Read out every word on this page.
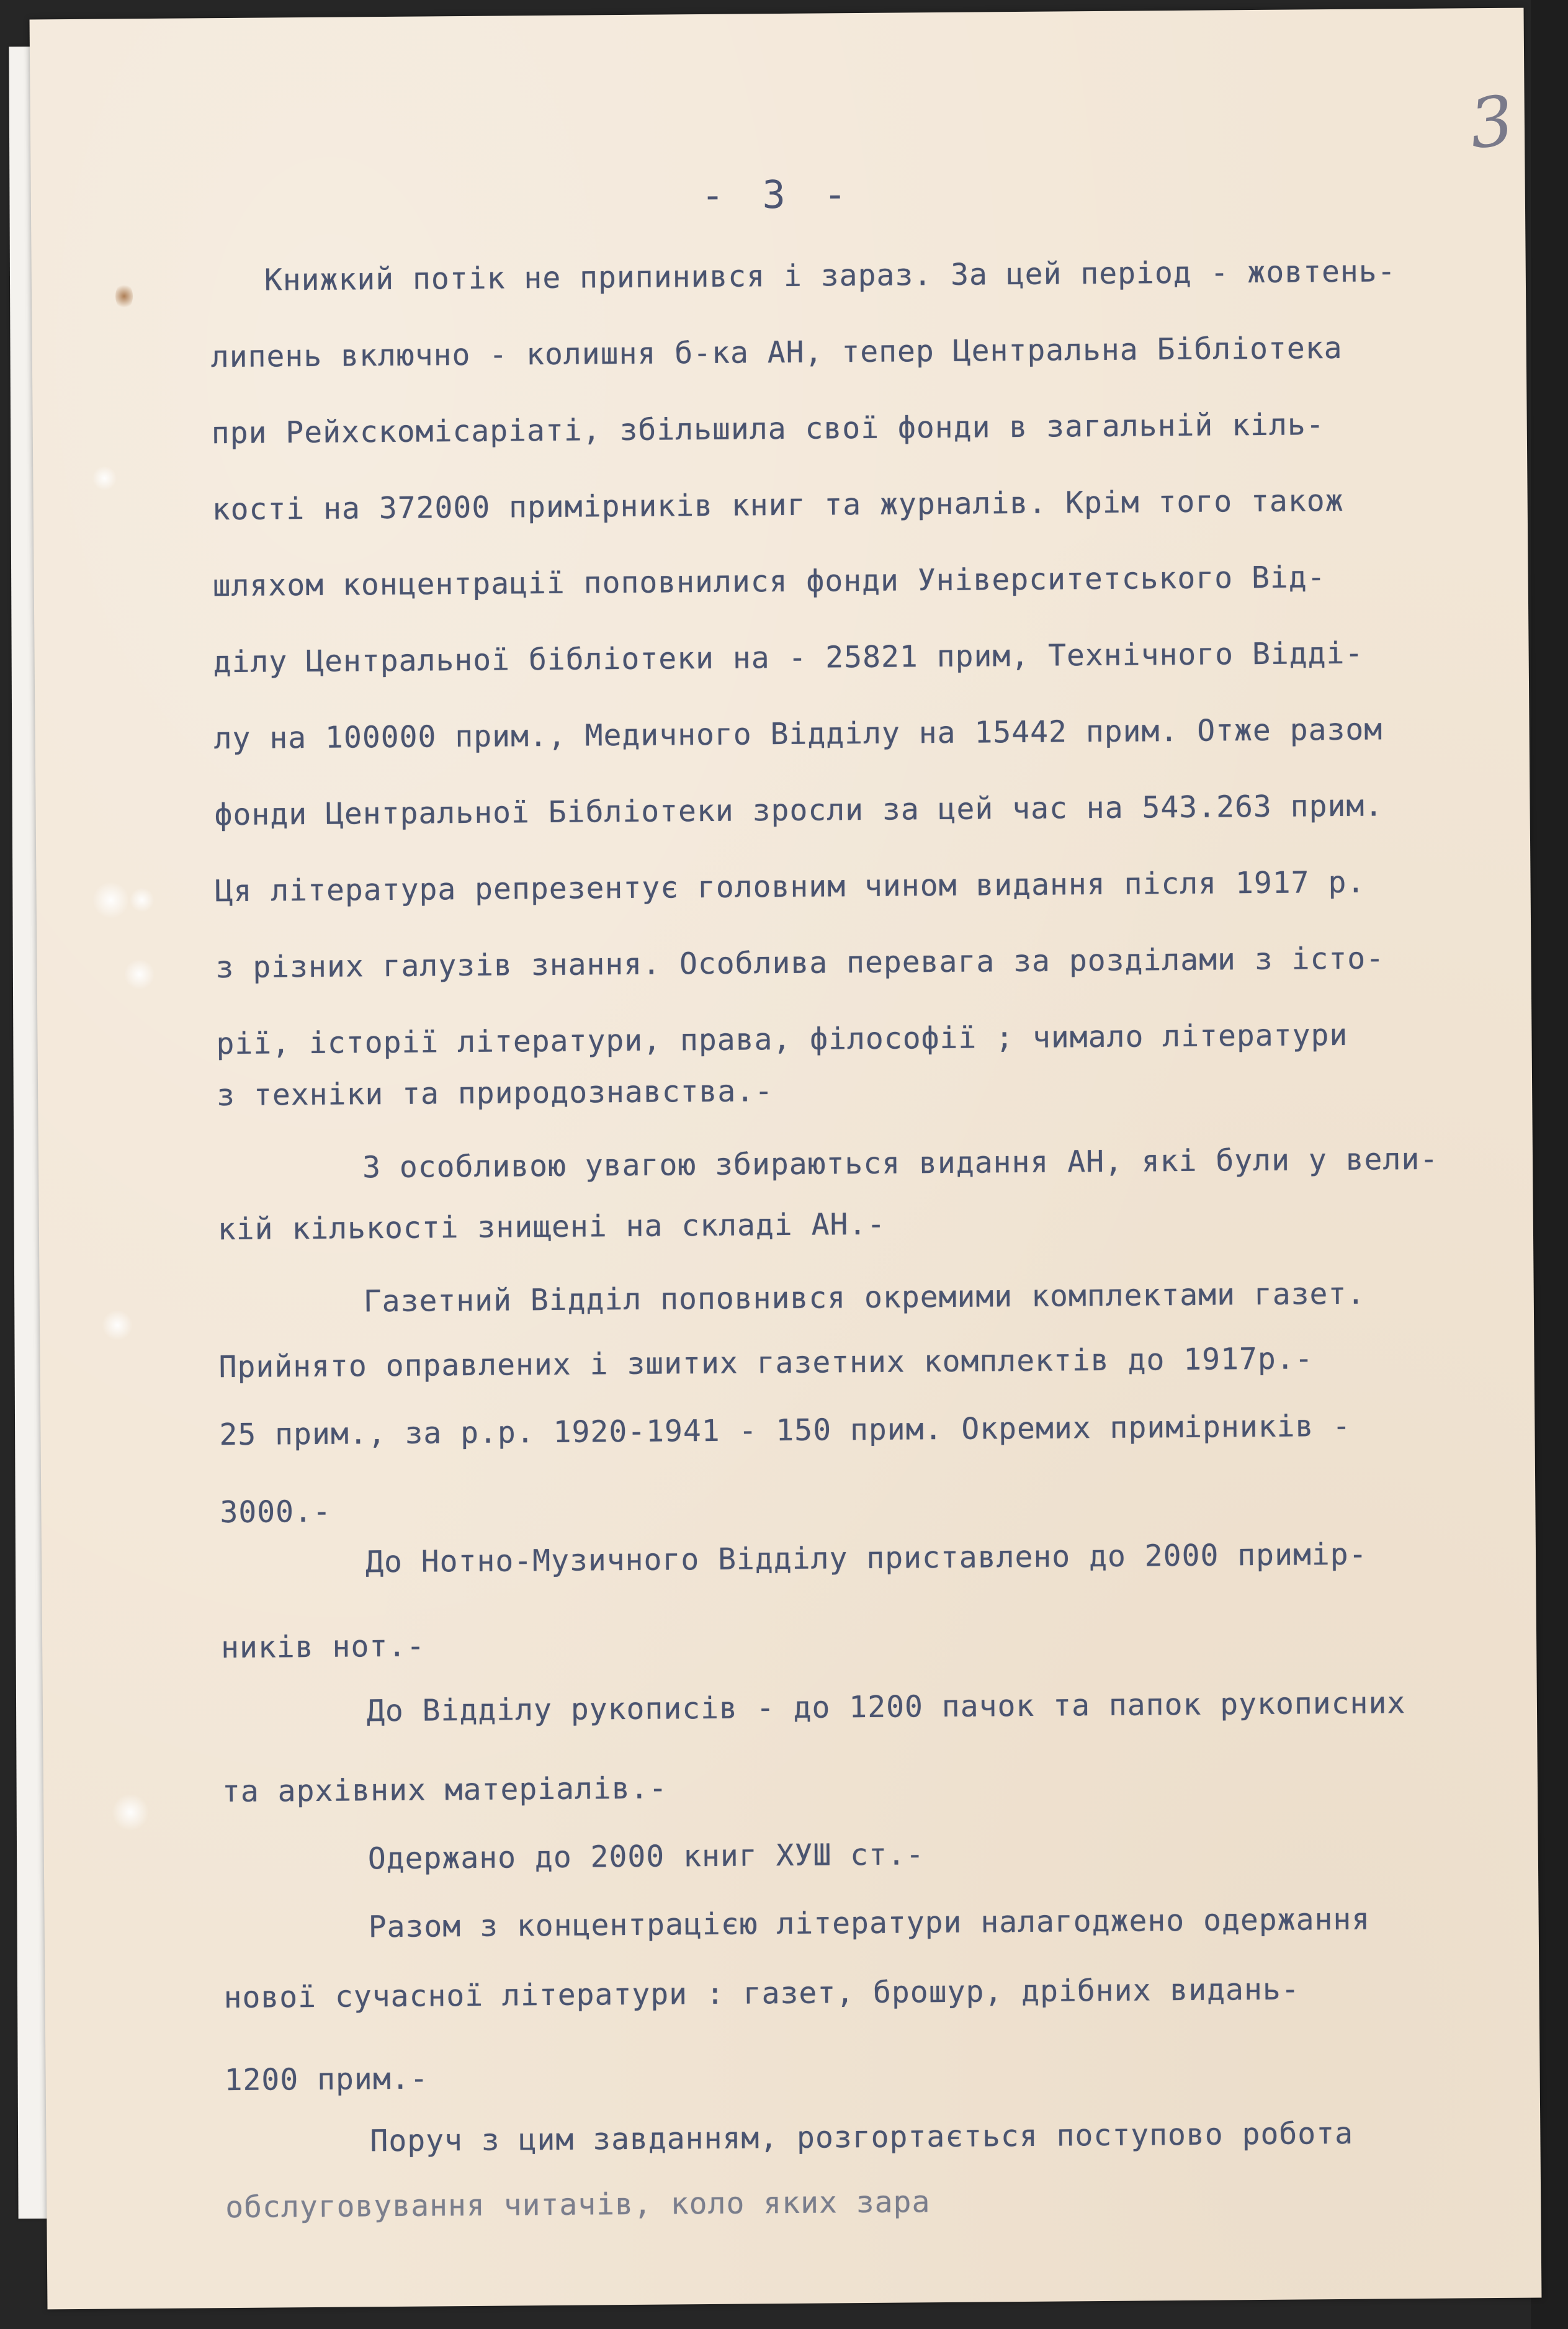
3
- 3 -
Книжкий потік не припинився і зараз. За цей період - жовтень-
липень включно - колишня б-ка АН, тепер Центральна Бібліотека
при Рейхскомісаріаті, збільшила свої фонди в загальній кіль-
кості на 372000 примірників книг та журналів. Крім того також
шляхом концентрації поповнилися фонди Університетського Від-
ділу Центральної бібліотеки на - 25821 прим, Технічного Відді-
лу на 100000 прим., Медичного Відділу на 15442 прим. Отже разом
фонди Центральної Бібліотеки зросли за цей час на 543.263 прим.
Ця література репрезентує головним чином видання після 1917 р.
з різних галузів знання. Особлива перевага за розділами з істо-
рії, історії літератури, права, філософії ; чимало літератури
з техніки та природознавства.-
З особливою увагою збираються видання АН, які були у вели-
кій кількості знищені на складі АН.-
Газетний Відділ поповнився окремими комплектами газет.
Прийнято оправлених і зшитих газетних комплектів до 1917р.-
25 прим., за р.р. 1920-1941 - 150 прим. Окремих примірників -
3000.-
До Нотно-Музичного Відділу приставлено до 2000 примір-
ників нот.-
До Відділу рукописів - до 1200 пачок та папок рукописних
та архівних матеріалів.-
Одержано до 2000 книг ХУШ ст.-
Разом з концентрацією літератури налагоджено одержання
нової сучасної літератури : газет, брошур, дрібних видань-
1200 прим.-
Поруч з цим завданням, розгортається поступово робота
обслуговування читачів, коло яких зара
